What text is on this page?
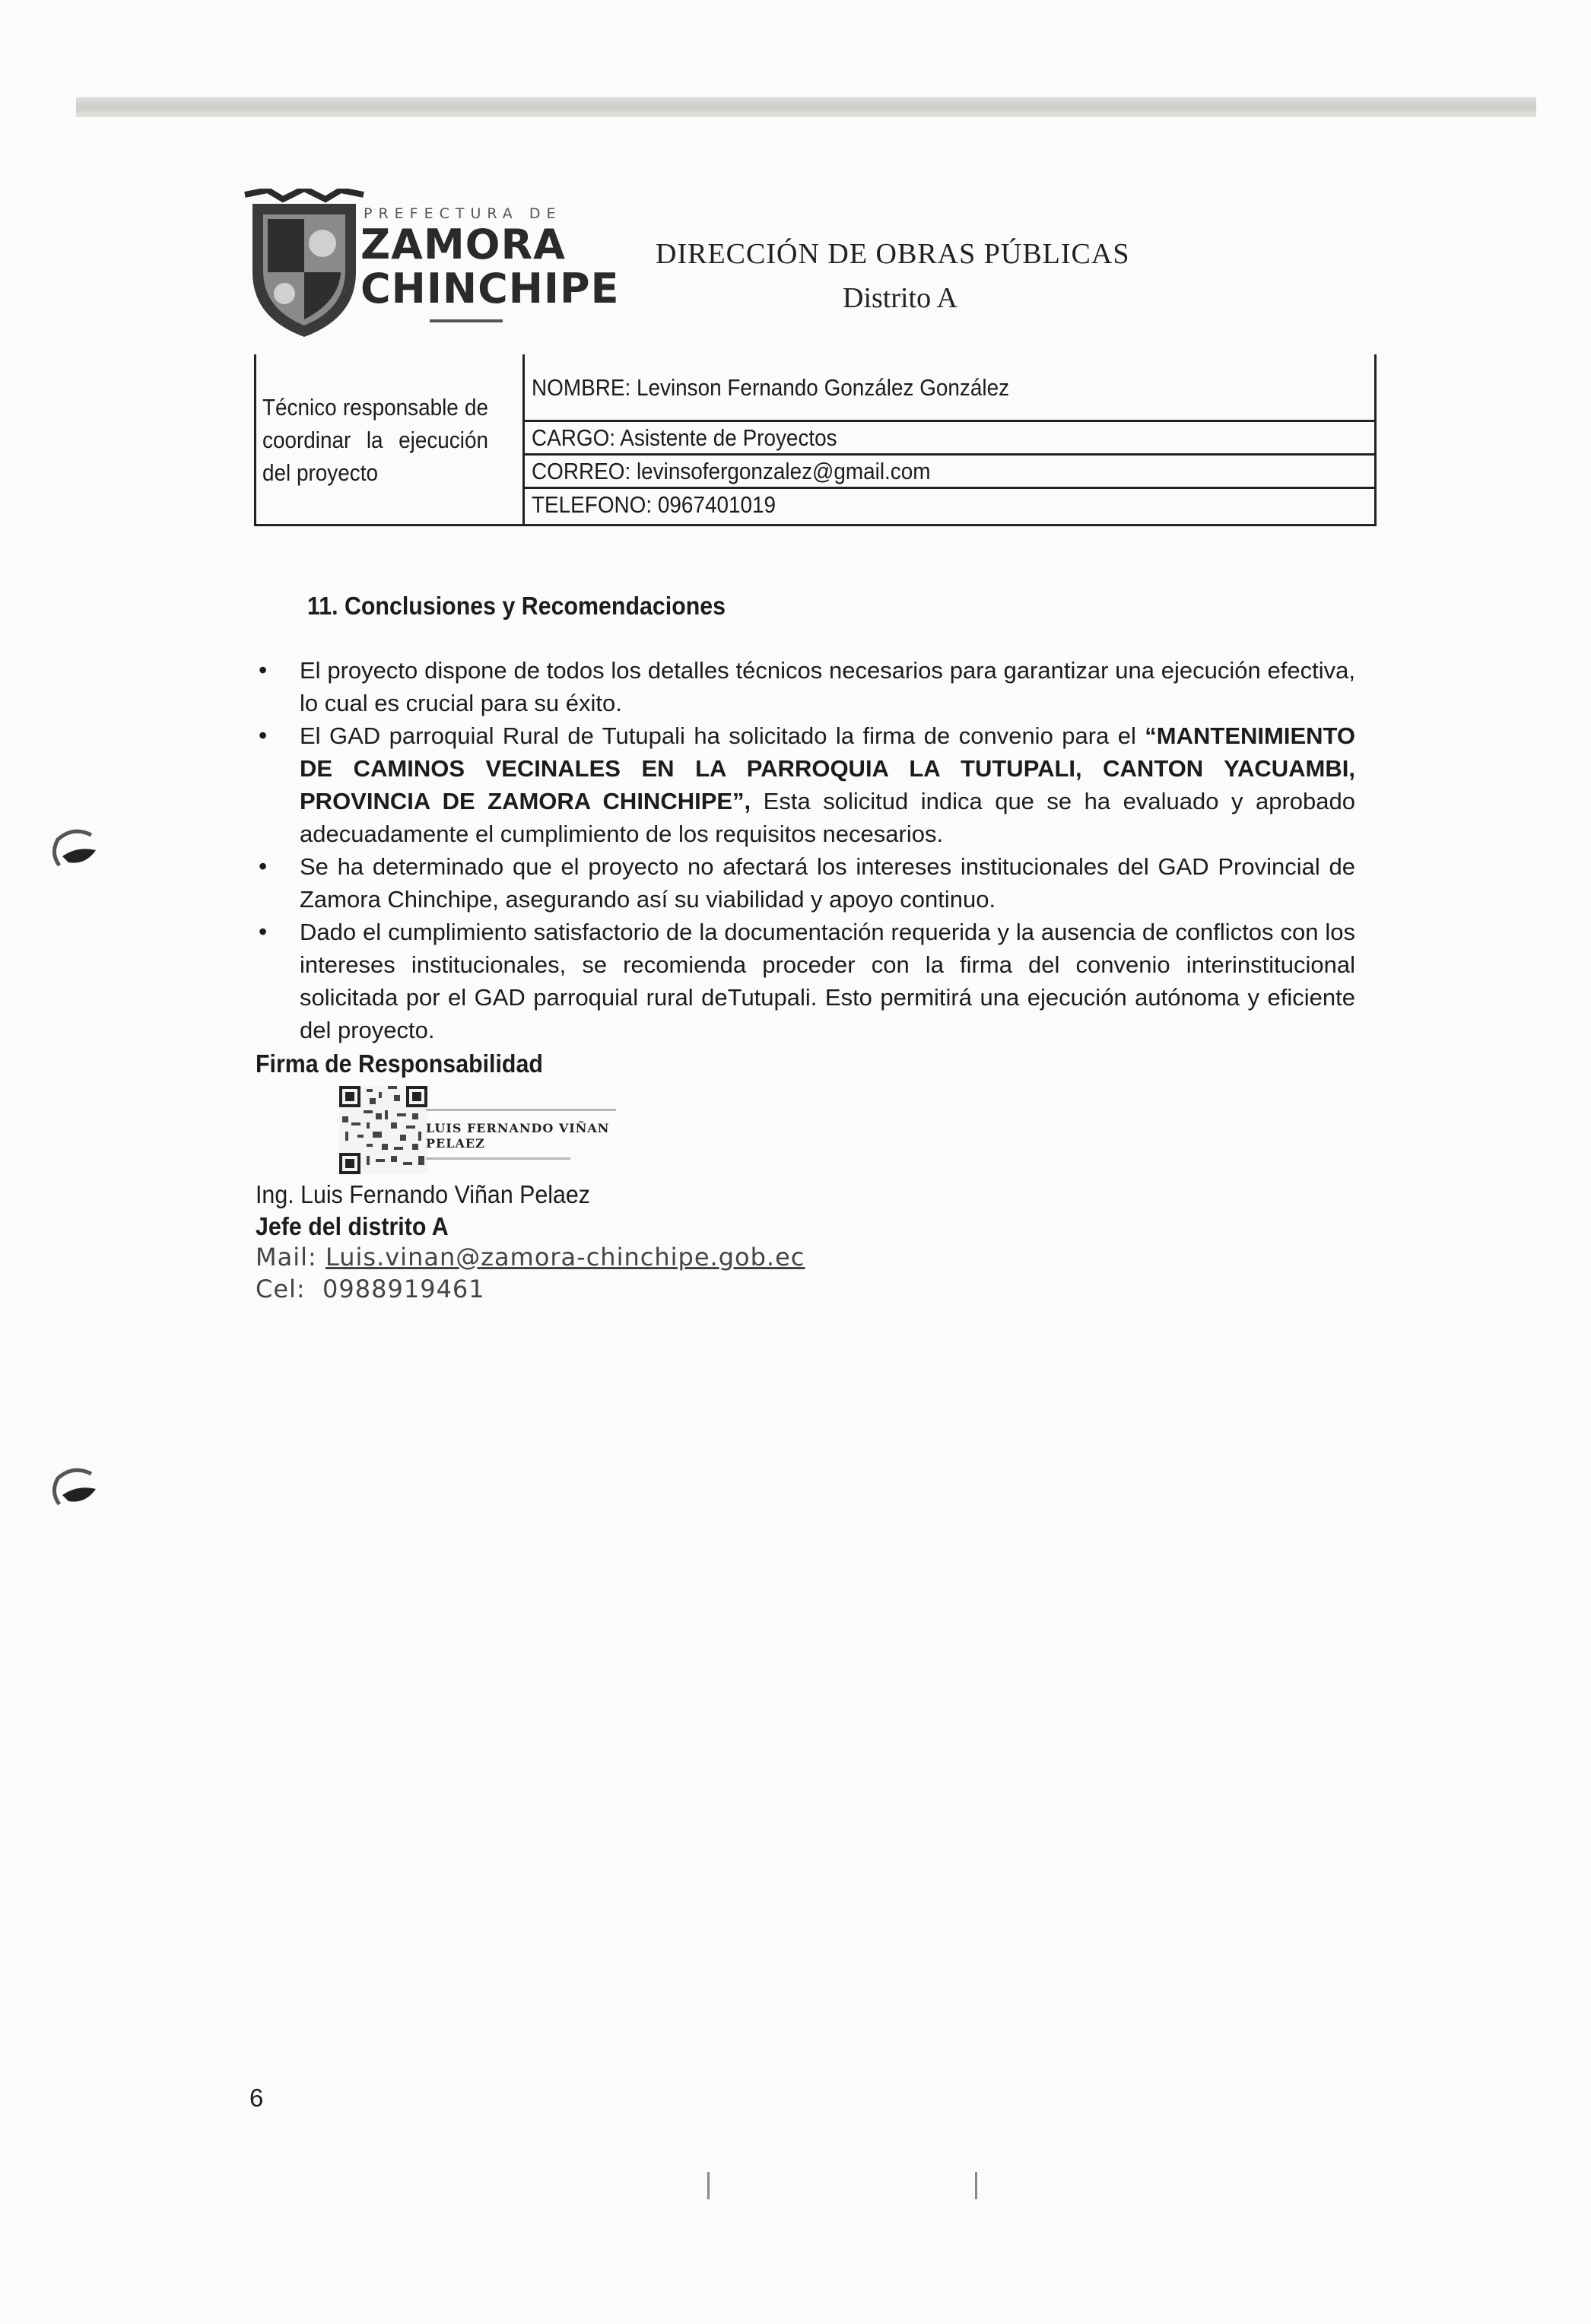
PREFECTURA DE
ZAMORA
CHINCHIPE
DIRECCIÓN DE OBRAS PÚBLICAS
Distrito A
Técnico responsable de coordinar la ejecución del proyecto
NOMBRE: Levinson Fernando González González
CARGO: Asistente de Proyectos
CORREO: levinsofergonzalez@gmail.com
TELEFONO: 0967401019
11. Conclusiones y Recomendaciones
• El proyecto dispone de todos los detalles técnicos necesarios para garantizar una ejecución efectiva, lo cual es crucial para su éxito.
• El GAD parroquial Rural de Tutupali ha solicitado la firma de convenio para el “MANTENIMIENTO DE CAMINOS VECINALES EN LA PARROQUIA LA TUTUPALI, CANTON YACUAMBI, PROVINCIA DE ZAMORA CHINCHIPE”, Esta solicitud indica que se ha evaluado y aprobado adecuadamente el cumplimiento de los requisitos necesarios.
• Se ha determinado que el proyecto no afectará los intereses institucionales del GAD Provincial de Zamora Chinchipe, asegurando así su viabilidad y apoyo continuo.
• Dado el cumplimiento satisfactorio de la documentación requerida y la ausencia de conflictos con los intereses institucionales, se recomienda proceder con la firma del convenio interinstitucional solicitada por el GAD parroquial rural deTutupali. Esto permitirá una ejecución autónoma y eficiente del proyecto.
Firma de Responsabilidad
LUIS FERNANDO VIÑAN
PELAEZ
Ing. Luis Fernando Viñan Pelaez
Jefe del distrito A
Mail: Luis.vinan@zamora-chinchipe.gob.ec
Cel: 0988919461
6
